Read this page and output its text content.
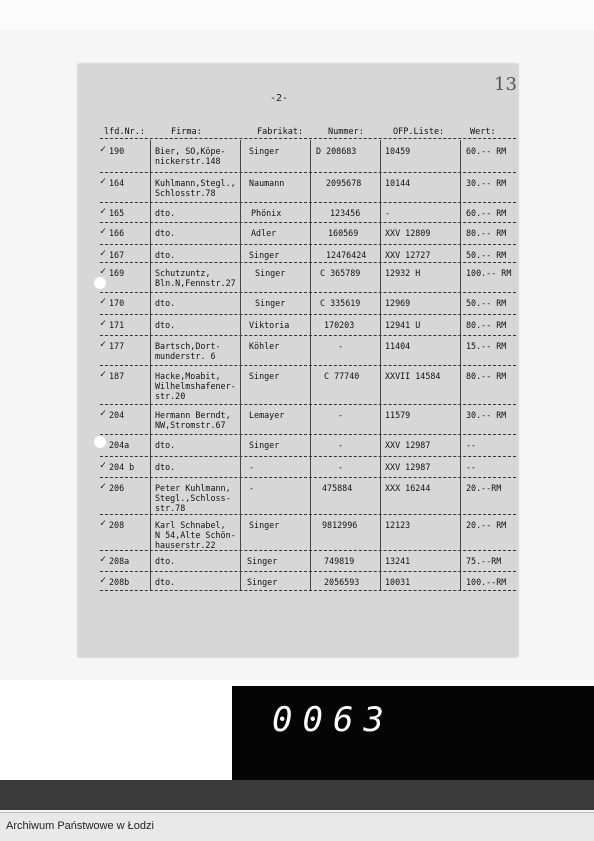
-2-
13
lfd.Nr.:	Firma:	Fabrikat:	Nummer:	OFP.Liste:	Wert:
✓ 190	Bier, SO,Köpe-
nickerstr.148
Singer	D 208683	10459	60.-- RM
✓ 164	Kuhlmann,Stegl.,
Schlosstr.78
Naumann	2095678	10144	30.-- RM
✓ 165	dto.	Phönix	123456	-	60.-- RM
✓ 166	dto.	Adler	160569	XXV 12809	80.-- RM
✓ 167	dto.	Singer	12476424 XXV 12727	50.-- RM
✓ 169	Schutzuntz,
Bln.N,Fennstr.27
Singer	C 365789	12932 H	100.-- RM
✓ 170	dto.	Singer	C 335619	12969	50.-- RM
✓ 171	dto.	Viktoria	170203	12941 U	80.-- RM
✓ 177	Bartsch,Dort-
munderstr. 6
Köhler	-	11404	15.-- RM
✓ 187	Hacke,Moabit,
Wilhelmshafener-
str.20
Singer	C 77740	XXVII 14584	80.-- RM
✓ 204	Hermann Berndt,
NW,Stromstr.67
Lemayer	-	11579	30.-- RM
204a	dto.	Singer	-	XXV 12987	--
✓ 204 b dto.	-	-	XXV 12987	--
✓ 206	Peter Kuhlmann,
Stegl.,Schloss-
str.78
-	475884	XXX 16244	20.--RM
✓ 208	Karl Schnabel,
N 54,Alte Schön-
hauserstr.22
Singer	9812996	12123	20.-- RM
✓ 208a	dto.	Singer	749819	13241	75.--RM
✓ 208b	dto.	Singer	2056593	10031	100.--RM
0063
Archiwum Państwowe w Łodzi
